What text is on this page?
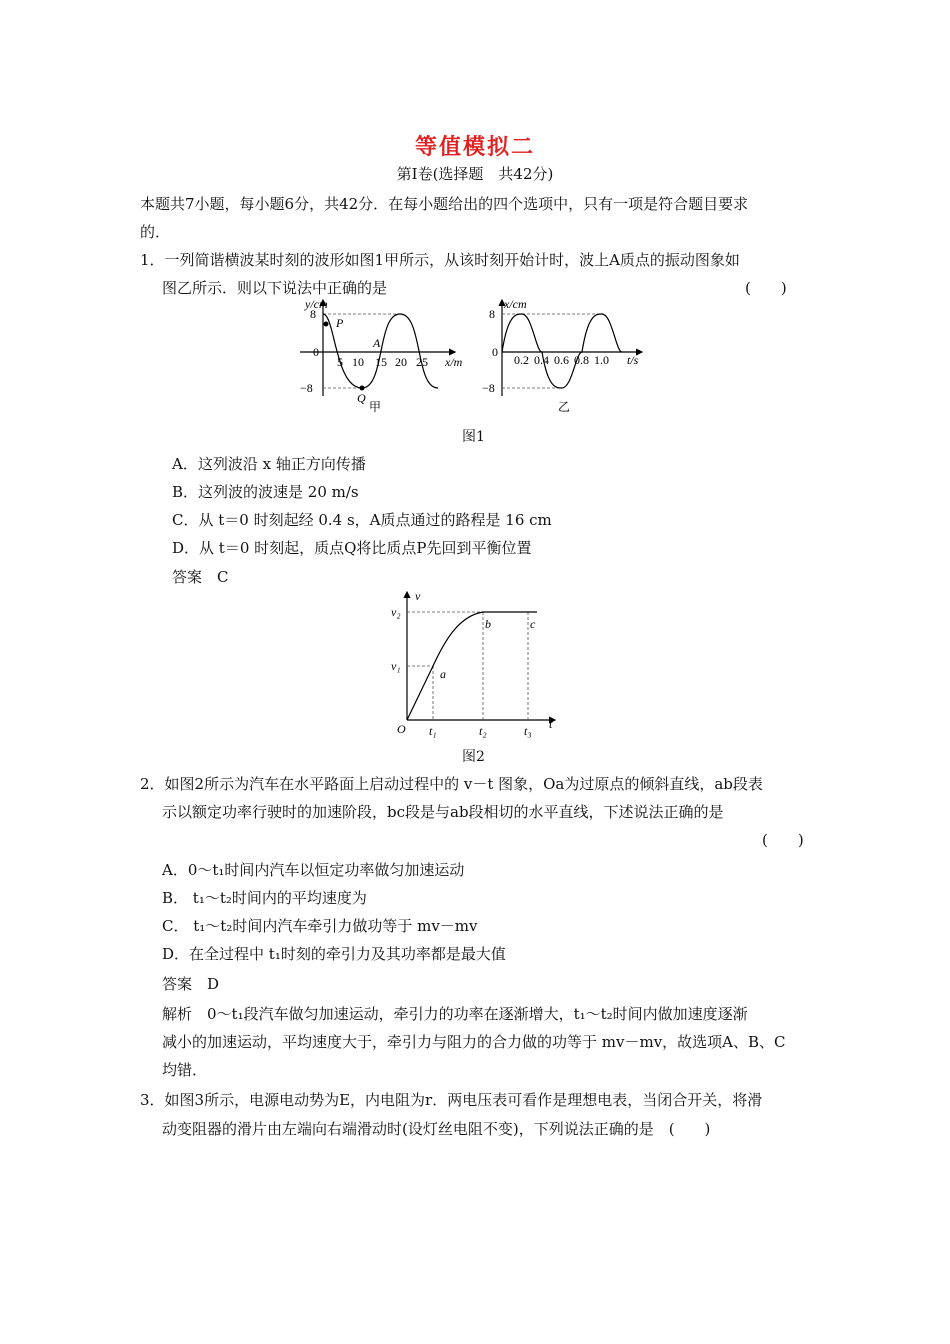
等值模拟二
第Ⅰ卷(选择题　共42分)
本题共7小题，每小题6分，共42分．在每小题给出的四个选项中，只有一项是符合题目要求
的．
1．一列简谐横波某时刻的波形如图1甲所示，从该时刻开始计时，波上A质点的振动图象如
图乙所示．则以下说法中正确的是	(　　)
y/cm
8
−8
0
5 10 15 20 25 x/m
P
A
Q
甲
x/cm
8
−8
0
0.2 0.4 0.6 0.8 1.0 t/s
乙
图1
A．这列波沿 x 轴正方向传播
B．这列波的波速是 20 m/s
C．从 t＝0 时刻起经 0.4 s，A质点通过的路程是 16 cm
D．从 t＝0 时刻起，质点Q将比质点P先回到平衡位置
答案　C
v
v₂
v₁
O
a
b	c
t₁	t₂	t₃ t
图2
2．如图2所示为汽车在水平路面上启动过程中的 v－t 图象，Oa为过原点的倾斜直线，ab段表
示以额定功率行驶时的加速阶段，bc段是与ab段相切的水平直线，下述说法正确的是
(　　)
A．0～t₁时间内汽车以恒定功率做匀加速运动
B． t₁～t₂时间内的平均速度为
C． t₁～t₂时间内汽车牵引力做功等于 mv－mv
D．在全过程中 t₁时刻的牵引力及其功率都是最大值
答案　D
解析　0～t₁段汽车做匀加速运动，牵引力的功率在逐渐增大，t₁～t₂时间内做加速度逐渐
减小的加速运动，平均速度大于，牵引力与阻力的合力做的功等于 mv－mv，故选项A、B、C
均错．
3．如图3所示，电源电动势为E，内电阻为r．两电压表可看作是理想电表，当闭合开关，将滑
动变阻器的滑片由左端向右端滑动时(设灯丝电阻不变)，下列说法正确的是　(　　)
